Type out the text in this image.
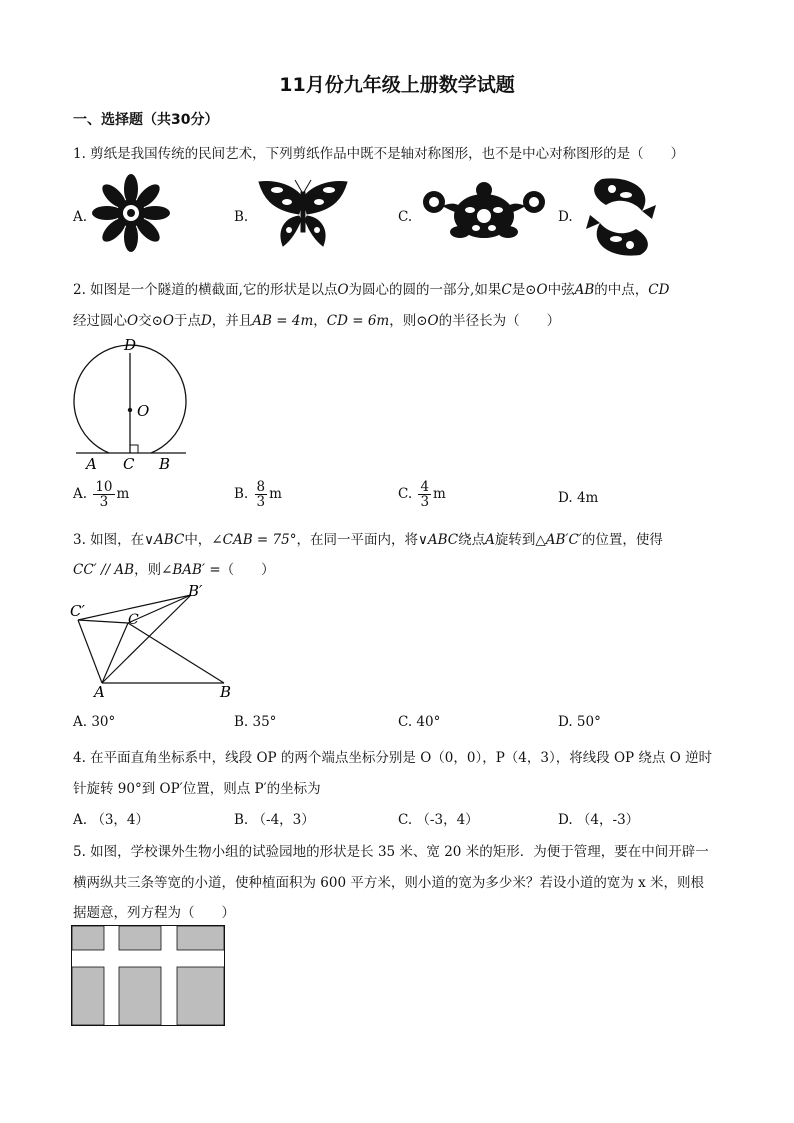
11月份九年级上册数学试题
一、选择题（共30分）
1. 剪纸是我国传统的民间艺术，下列剪纸作品中既不是轴对称图形，也不是中心对称图形的是（　　）
A.	B.	C.	D.
2. 如图是一个隧道的横截面,它的形状是以点O为圆心的圆的一部分,如果C是⊙O中弦AB的中点，CD
经过圆心O交⊙O于点D，并且AB = 4m，CD = 6m，则⊙O的半径长为（　　）
D
O
A C B
A. $\frac{10}{3}$ m	B. $\frac{8}{3}$ m	C. $\frac{4}{3}$ m	D. 4m
3. 如图，在∨ABC中，∠CAB = 75°，在同一平面内，将∨ABC绕点A旋转到△AB′C′的位置，使得
CC′ // AB，则∠BAB′ =（　　）
B′
C′	C
A	B
A. 30°	B. 35°	C. 40°	D. 50°
4. 在平面直角坐标系中，线段 OP 的两个端点坐标分别是 O（0，0），P（4，3），将线段 OP 绕点 O 逆时
针旋转 90°到 OP′位置，则点 P′的坐标为
A. （3，4）	B. （-4，3）	C. （-3，4）	D. （4，-3）
5. 如图，学校课外生物小组的试验园地的形状是长 35 米、宽 20 米的矩形．为便于管理，要在中间开辟一
横两纵共三条等宽的小道，使种植面积为 600 平方米，则小道的宽为多少米？若设小道的宽为 x 米，则根
据题意，列方程为（　　）
